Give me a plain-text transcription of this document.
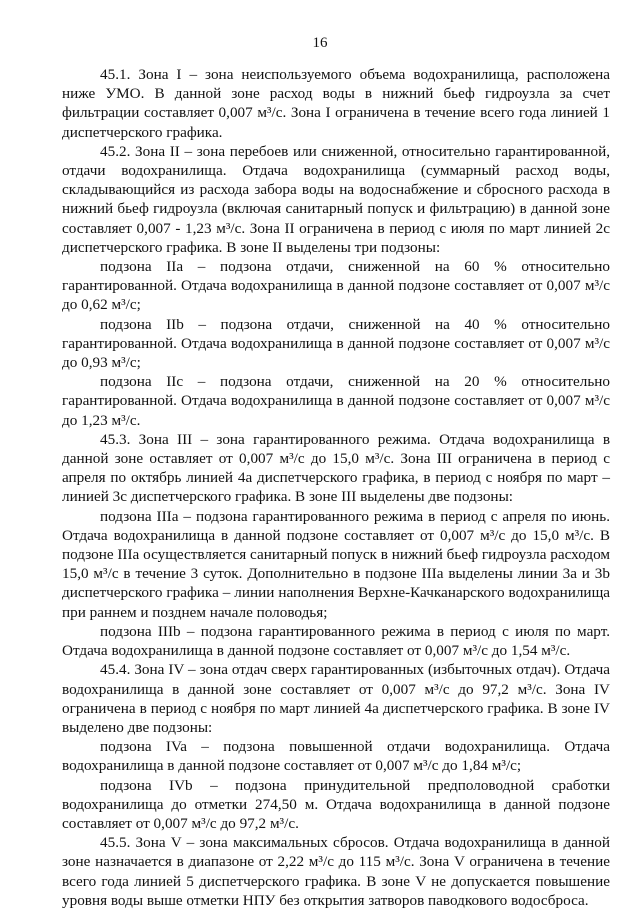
16

45.1. Зона I – зона неиспользуемого объема водохранилища, расположена ниже УМО. В данной зоне расход воды в нижний бьеф гидроузла за счет фильтрации составляет 0,007 м³/с. Зона I ограничена в течение всего года линией 1 диспетчерского графика.

45.2. Зона II – зона перебоев или сниженной, относительно гарантированной, отдачи водохранилища. Отдача водохранилища (суммарный расход воды, складывающийся из расхода забора воды на водоснабжение и сбросного расхода в нижний бьеф гидроузла (включая санитарный попуск и фильтрацию) в данной зоне составляет 0,007 - 1,23 м³/с. Зона II ограничена в период с июля по март линией 2с диспетчерского графика. В зоне II выделены три подзоны:

подзона IIa – подзона отдачи, сниженной на 60 % относительно гарантированной. Отдача водохранилища в данной подзоне составляет от 0,007 м³/с до 0,62 м³/с;

подзона IIb – подзона отдачи, сниженной на 40 % относительно гарантированной. Отдача водохранилища в данной подзоне составляет от 0,007 м³/с до 0,93 м³/с;

подзона IIc – подзона отдачи, сниженной на 20 % относительно гарантированной. Отдача водохранилища в данной подзоне составляет от 0,007 м³/с до 1,23 м³/с.

45.3. Зона III – зона гарантированного режима. Отдача водохранилища в данной зоне оставляет от 0,007 м³/с до 15,0 м³/с. Зона III ограничена в период с апреля по октябрь линией 4а диспетчерского графика, в период с ноября по март – линией 3с диспетчерского графика. В зоне III выделены две подзоны:

подзона IIIa – подзона гарантированного режима в период с апреля по июнь. Отдача водохранилища в данной подзоне составляет от 0,007 м³/с до 15,0 м³/с. В подзоне IIIa осуществляется санитарный попуск в нижний бьеф гидроузла расходом 15,0 м³/с в течение 3 суток. Дополнительно в подзоне IIIa выделены линии 3а и 3b диспетчерского графика – линии наполнения Верхне-Качканарского водохранилища при раннем и позднем начале половодья;

подзона IIIb – подзона гарантированного режима в период с июля по март. Отдача водохранилища в данной подзоне составляет от 0,007 м³/с до 1,54 м³/с.

45.4. Зона IV – зона отдач сверх гарантированных (избыточных отдач). Отдача водохранилища в данной зоне составляет от 0,007 м³/с до 97,2 м³/с. Зона IV ограничена в период с ноября по март линией 4а диспетчерского графика. В зоне IV выделено две подзоны:

подзона IVa – подзона повышенной отдачи водохранилища. Отдача водохранилища в данной подзоне составляет от 0,007 м³/с до 1,84 м³/с;

подзона IVb – подзона принудительной предполоводной сработки водохранилища до отметки 274,50 м. Отдача водохранилища в данной подзоне составляет от 0,007 м³/с до 97,2 м³/с.

45.5. Зона V – зона максимальных сбросов. Отдача водохранилища в данной зоне назначается в диапазоне от 2,22 м³/с до 115 м³/с. Зона V ограничена в течение всего года линией 5 диспетчерского графика. В зоне V не допускается повышение уровня воды выше отметки НПУ без открытия затворов паводкового водосброса.
